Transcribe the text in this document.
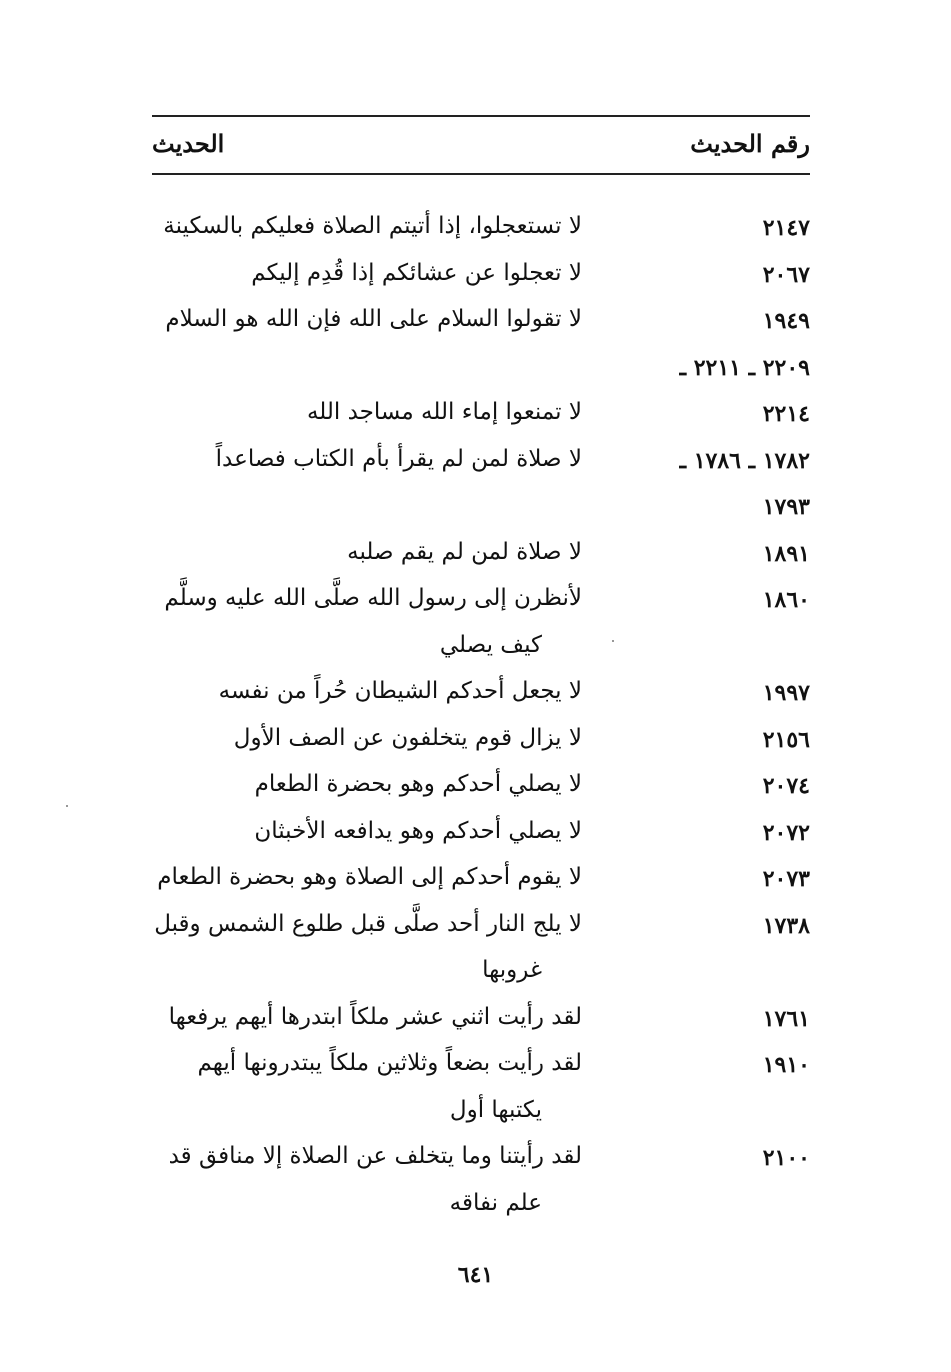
رقم الحديث
الحديث
٢١٤٧
لا تستعجلوا، إذا أتيتم الصلاة فعليكم بالسكينة
٢٠٦٧
لا تعجلوا عن عشائكم إذا قُدِم إليكم
١٩٤٩
لا تقولوا السلام على الله فإن الله هو السلام
٢٢٠٩ ـ ٢٢١١ ـ

٢٢١٤
لا تمنعوا إماء الله مساجد الله
١٧٨٢ ـ ١٧٨٦ ـ
لا صلاة لمن لم يقرأ بأم الكتاب فصاعداً
١٧٩٣

١٨٩١
لا صلاة لمن لم يقم صلبه
١٨٦٠
لأنظرن إلى رسول الله صلَّى الله عليه وسلَّم
كيف يصلي
١٩٩٧
لا يجعل أحدكم الشيطان حُراً من نفسه
٢١٥٦
لا يزال قوم يتخلفون عن الصف الأول
٢٠٧٤
لا يصلي أحدكم وهو بحضرة الطعام
٢٠٧٢
لا يصلي أحدكم وهو يدافعه الأخبثان
٢٠٧٣
لا يقوم أحدكم إلى الصلاة وهو بحضرة الطعام
١٧٣٨
لا يلج النار أحد صلَّى قبل طلوع الشمس وقبل
غروبها
١٧٦١
لقد رأيت اثني عشر ملكاً ابتدرها أيهم يرفعها
١٩١٠
لقد رأيت بضعاً وثلاثين ملكاً يبتدرونها أيهم
يكتبها أول
٢١٠٠
لقد رأيتنا وما يتخلف عن الصلاة إلا منافق قد
علم نفاقه
٦٤١
